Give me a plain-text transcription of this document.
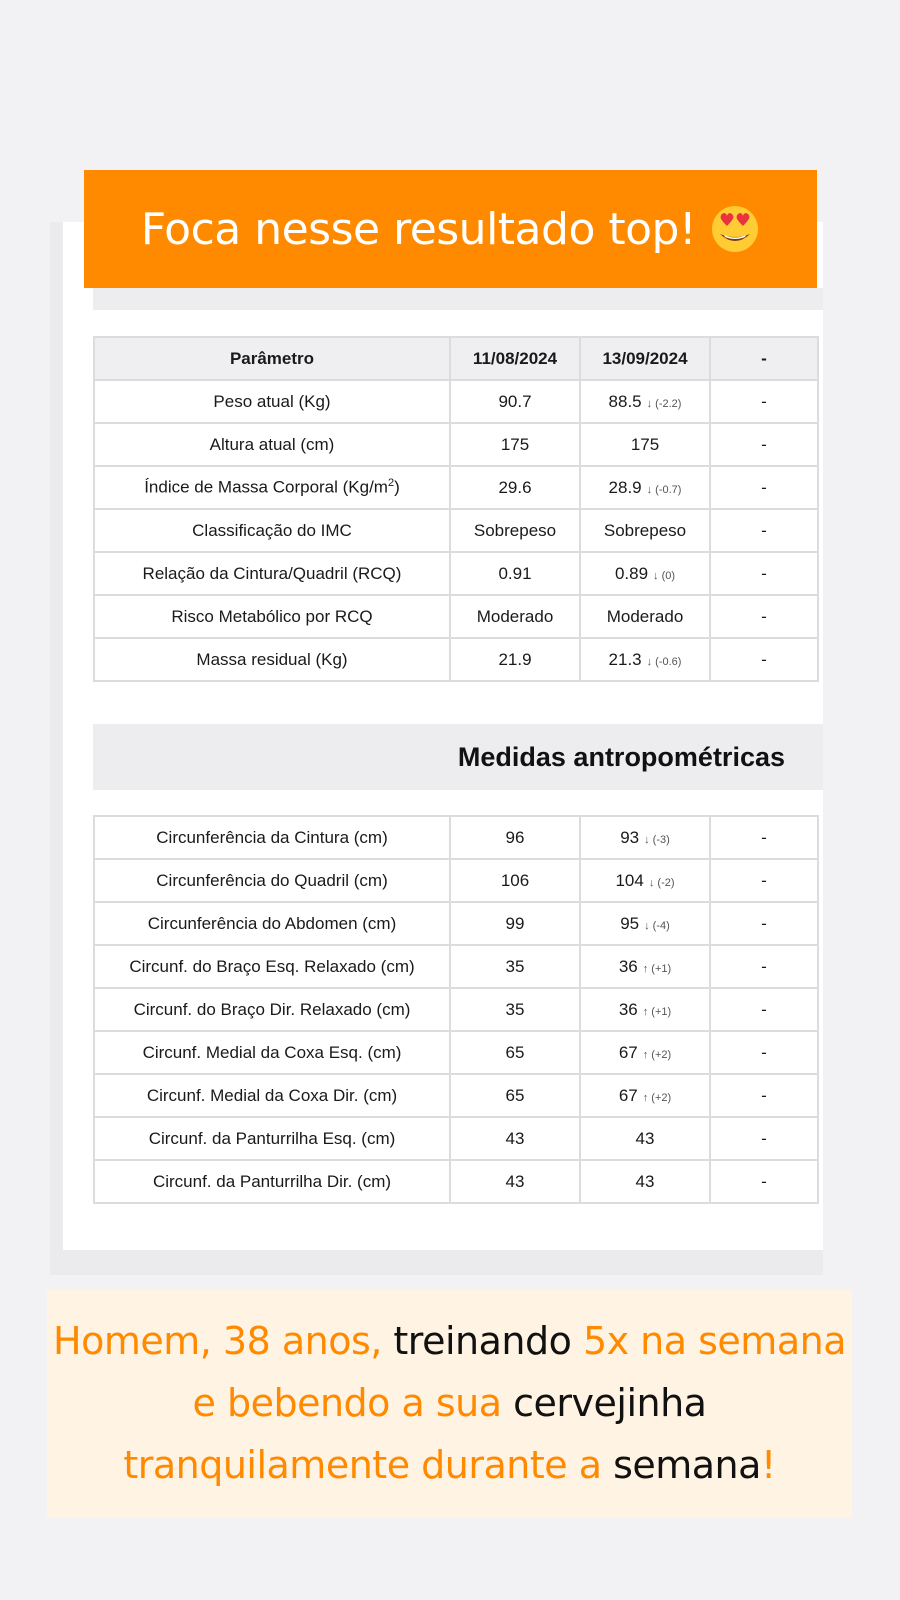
Foca nesse resultado top!
Parâmetro	11/08/2024	13/09/2024	-
Peso atual (Kg)	90.7	88.5 ↓ (-2.2)	-
Altura atual (cm)	175	175	-
Índice de Massa Corporal $(Kg/m^2)$	29.6	28.9 ↓ (-0.7)	-
Classificação do IMC	Sobrepeso	Sobrepeso	-
Relação da Cintura/Quadril (RCQ)	0.91	0.89 ↓ (0)	-
Risco Metabólico por RCQ	Moderado	Moderado	-
Massa residual (Kg)	21.9	21.3 ↓ (-0.6)	-
Medidas antropométricas
Circunferência da Cintura (cm)	96	93 ↓ (-3)	-
Circunferência do Quadril (cm)	106	104 ↓ (-2)	-
Circunferência do Abdomen (cm)	99	95 ↓ (-4)	-
Circunf. do Braço Esq. Relaxado (cm)	35	36 ↑ (+1)	-
Circunf. do Braço Dir. Relaxado (cm)	35	36 ↑ (+1)	-
Circunf. Medial da Coxa Esq. (cm)	65	67 ↑ (+2)	-
Circunf. Medial da Coxa Dir. (cm)	65	67 ↑ (+2)	-
Circunf. da Panturrilha Esq. (cm)	43	43	-
Circunf. da Panturrilha Dir. (cm)	43	43	-
Homem, 38 anos, treinando 5x na semana e bebendo a sua cervejinha tranquilamente durante a semana!
